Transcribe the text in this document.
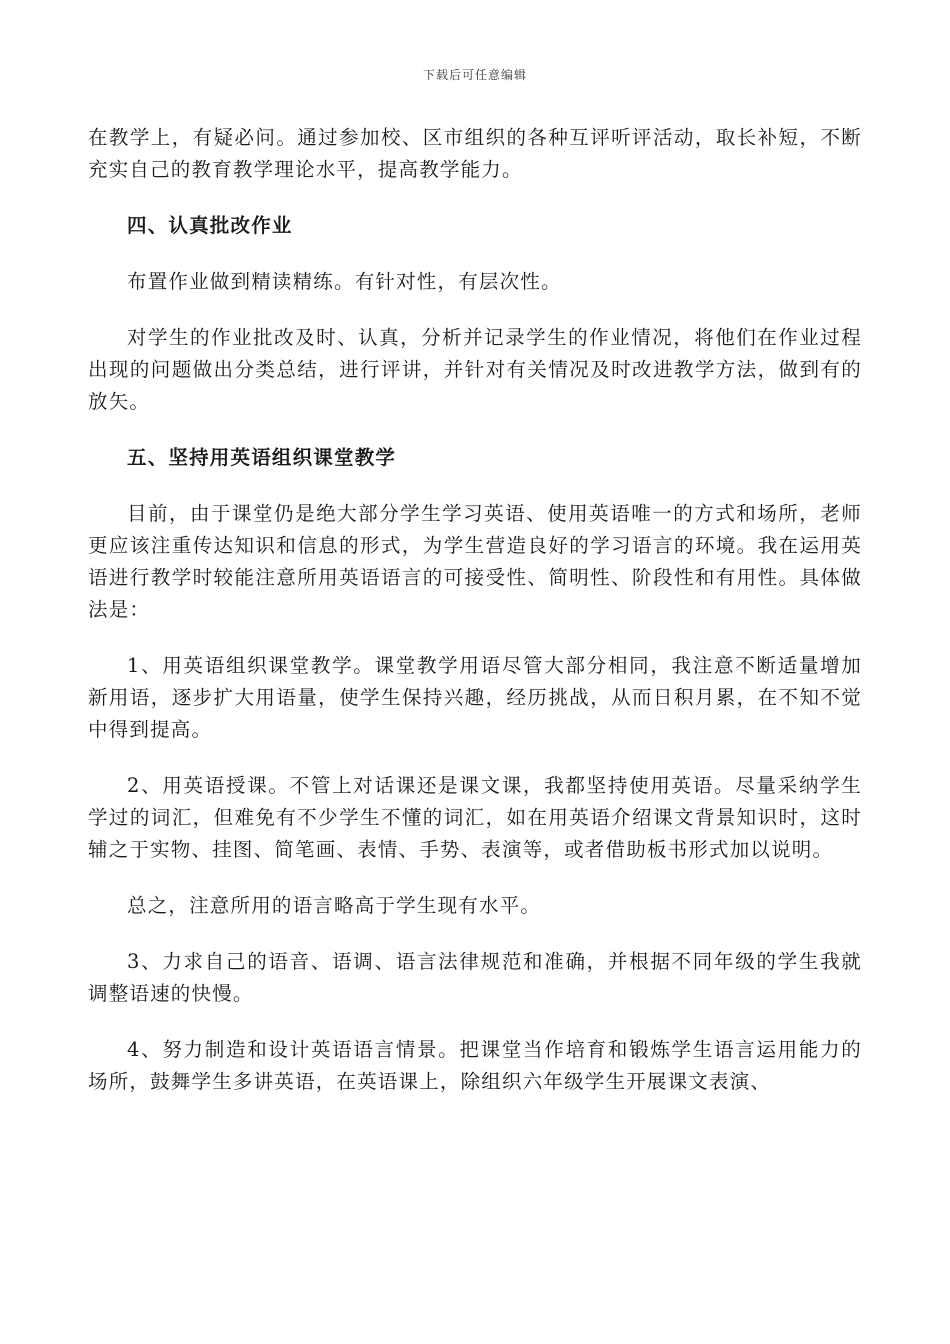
下载后可任意编辑

在教学上，有疑必问。通过参加校、区市组织的各种互评听评活动，取长补短，不断充实自己的教育教学理论水平，提高教学能力。

四、认真批改作业

布置作业做到精读精练。有针对性，有层次性。

对学生的作业批改及时、认真，分析并记录学生的作业情况，将他们在作业过程出现的问题做出分类总结，进行评讲，并针对有关情况及时改进教学方法，做到有的放矢。

五、坚持用英语组织课堂教学

目前，由于课堂仍是绝大部分学生学习英语、使用英语唯一的方式和场所，老师更应该注重传达知识和信息的形式，为学生营造良好的学习语言的环境。我在运用英语进行教学时较能注意所用英语语言的可接受性、简明性、阶段性和有用性。具体做法是：

1、用英语组织课堂教学。课堂教学用语尽管大部分相同，我注意不断适量增加新用语，逐步扩大用语量，使学生保持兴趣，经历挑战，从而日积月累，在不知不觉中得到提高。

2、用英语授课。不管上对话课还是课文课，我都坚持使用英语。尽量采纳学生学过的词汇，但难免有不少学生不懂的词汇，如在用英语介绍课文背景知识时，这时辅之于实物、挂图、简笔画、表情、手势、表演等，或者借助板书形式加以说明。

总之，注意所用的语言略高于学生现有水平。

3、力求自己的语音、语调、语言法律规范和准确，并根据不同年级的学生我就调整语速的快慢。

4、努力制造和设计英语语言情景。把课堂当作培育和锻炼学生语言运用能力的场所，鼓舞学生多讲英语，在英语课上，除组织六年级学生开展课文表演、
